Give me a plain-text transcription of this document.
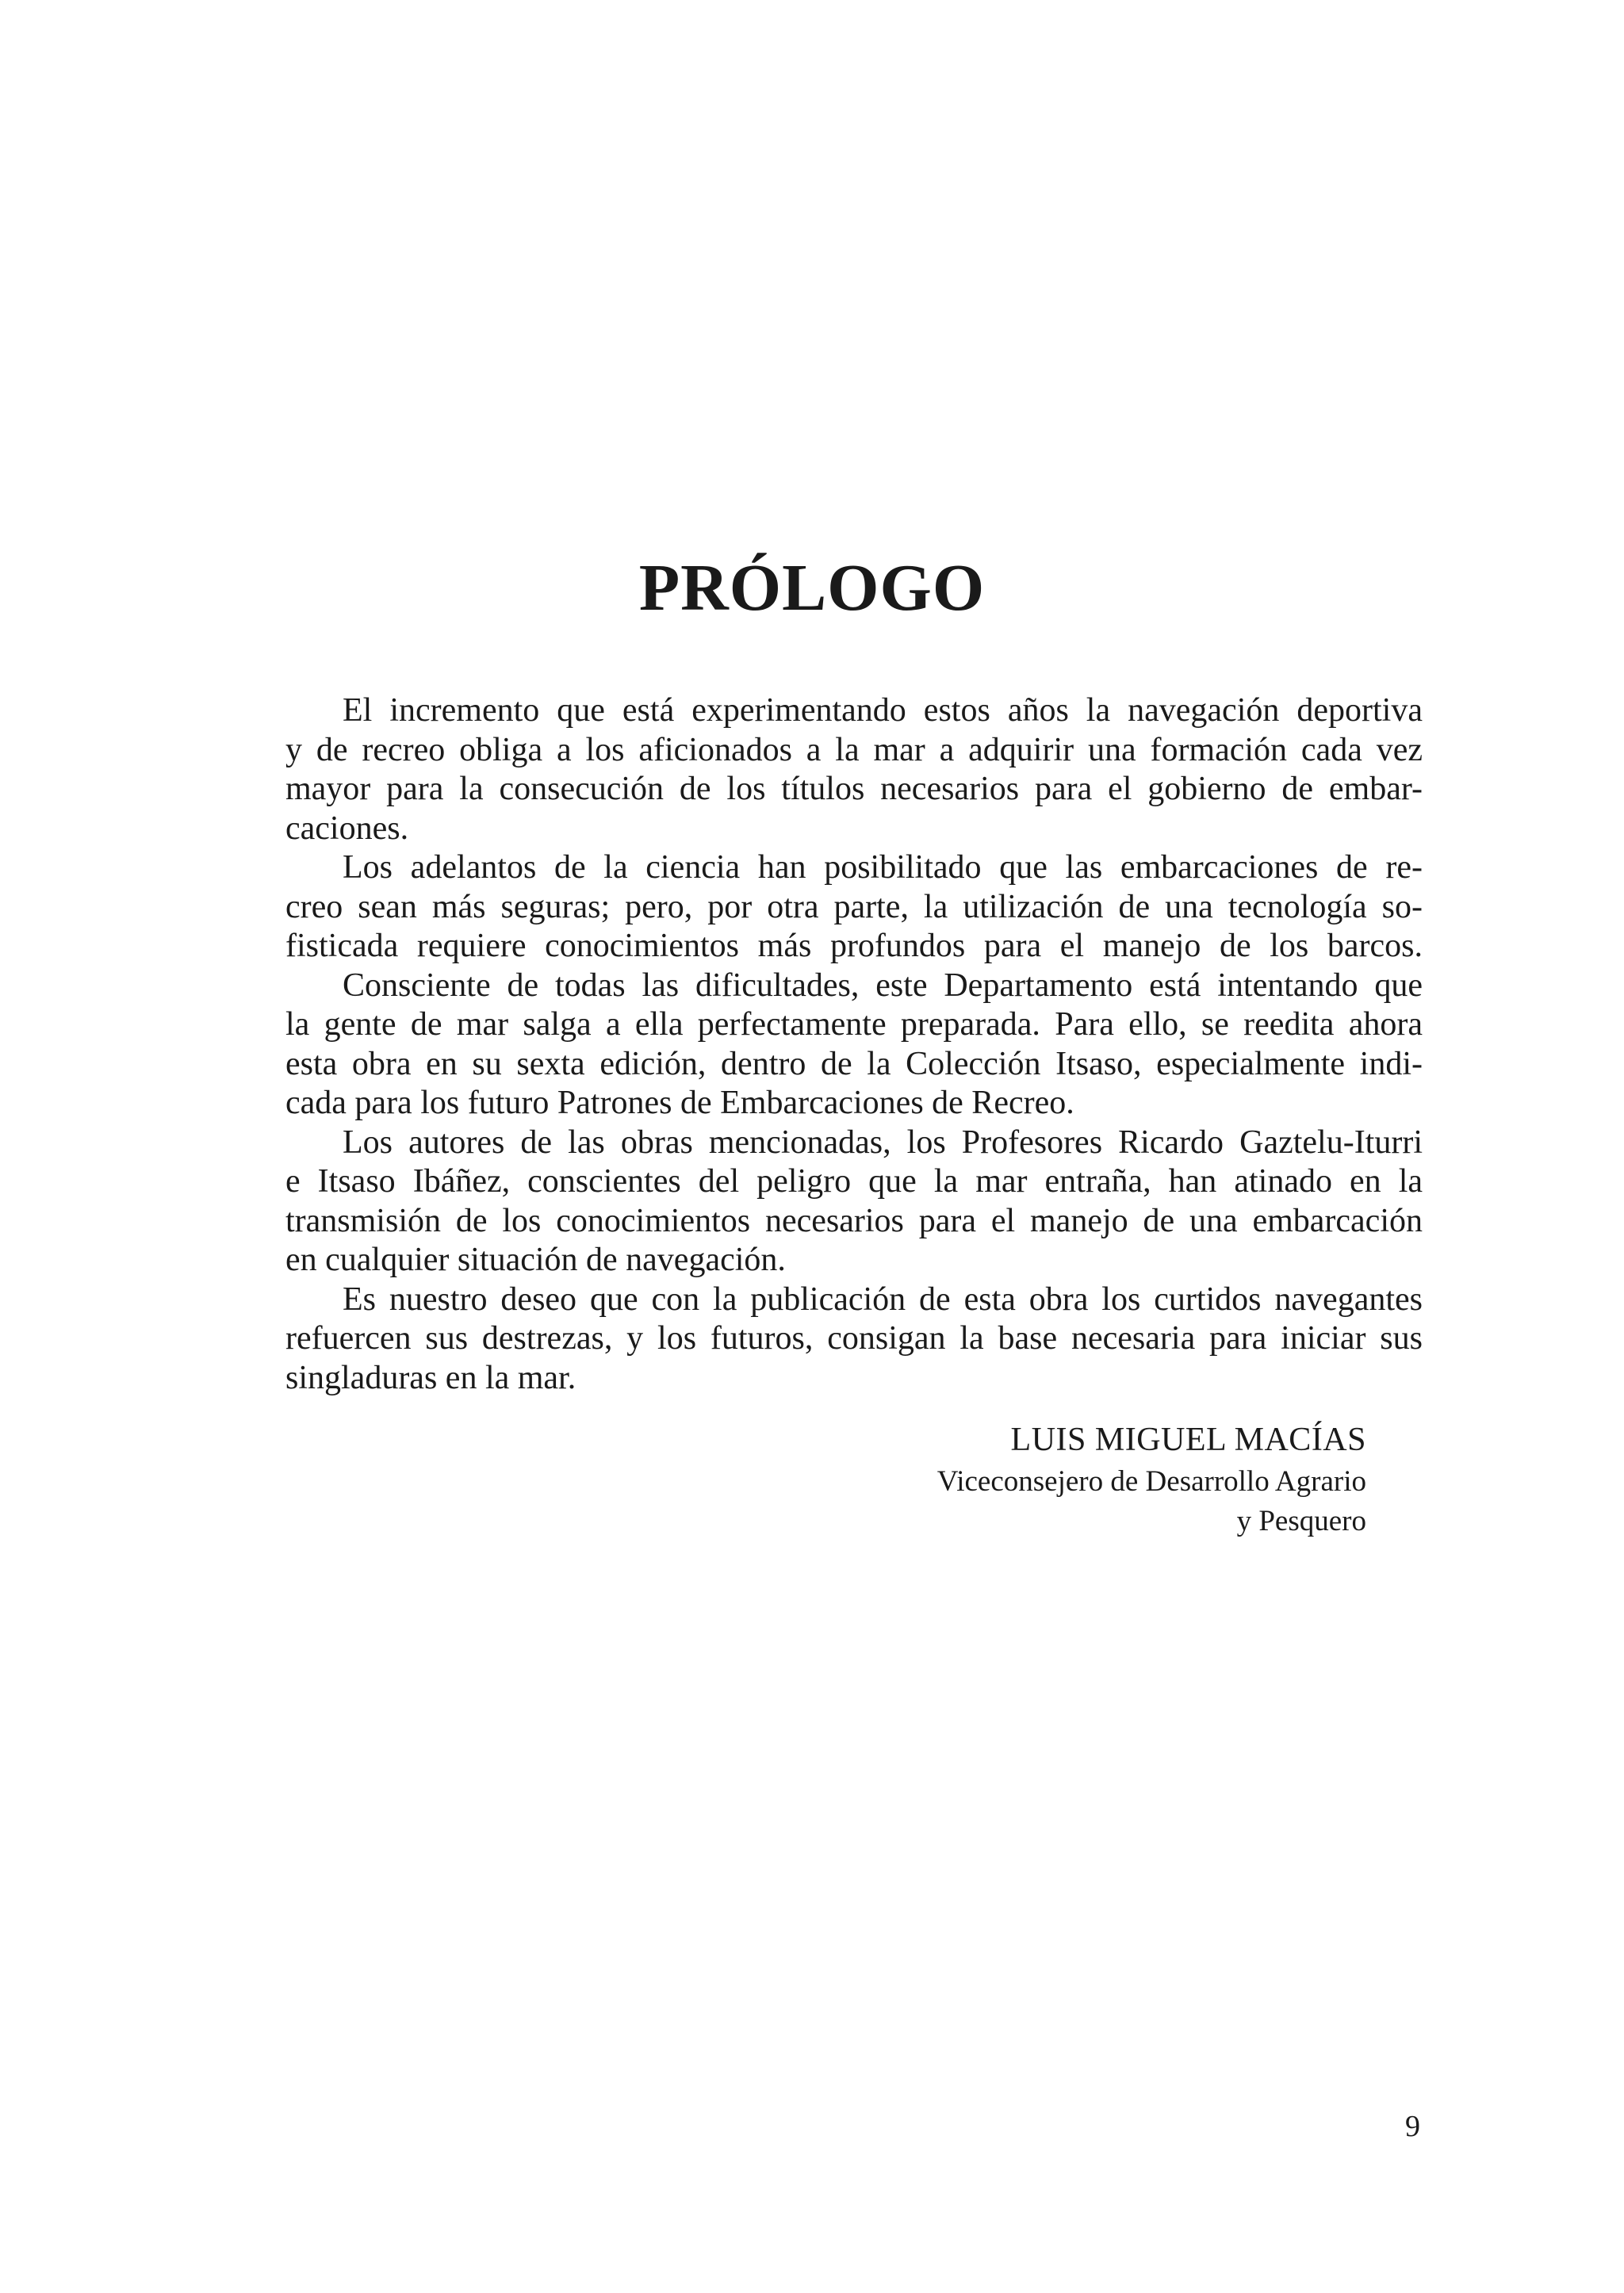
PRÓLOGO

El incremento que está experimentando estos años la navegación deportiva
y de recreo obliga a los aficionados a la mar a adquirir una formación cada vez
mayor para la consecución de los títulos necesarios para el gobierno de embar-
caciones.

Los adelantos de la ciencia han posibilitado que las embarcaciones de re-
creo sean más seguras; pero, por otra parte, la utilización de una tecnología so-
fisticada requiere conocimientos más profundos para el manejo de los barcos.

Consciente de todas las dificultades, este Departamento está intentando que
la gente de mar salga a ella perfectamente preparada. Para ello, se reedita ahora
esta obra en su sexta edición, dentro de la Colección Itsaso, especialmente indi-
cada para los futuro Patrones de Embarcaciones de Recreo.

Los autores de las obras mencionadas, los Profesores Ricardo Gaztelu-Iturri
e Itsaso Ibáñez, conscientes del peligro que la mar entraña, han atinado en la
transmisión de los conocimientos necesarios para el manejo de una embarcación
en cualquier situación de navegación.

Es nuestro deseo que con la publicación de esta obra los curtidos navegantes
refuercen sus destrezas, y los futuros, consigan la base necesaria para iniciar sus
singladuras en la mar.

LUIS MIGUEL MACÍAS
Viceconsejero de Desarrollo Agrario
y Pesquero
9
